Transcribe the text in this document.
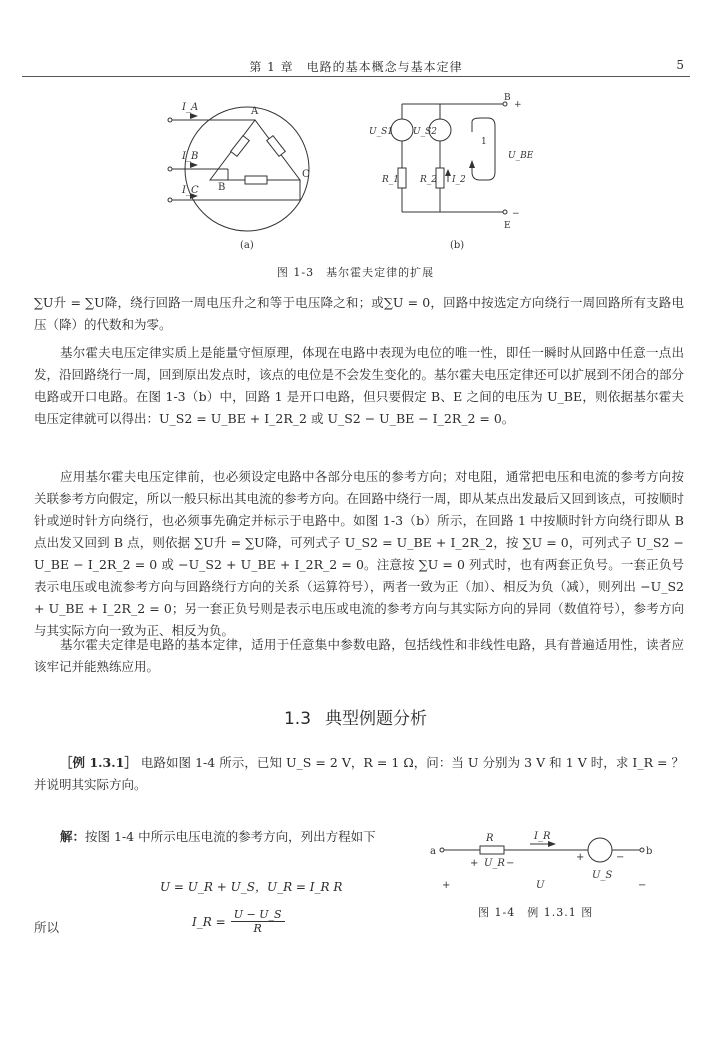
第 1 章　电路的基本概念与基本定律	5
I_A
I_B
I_C
A
B
C
(a)
B
+
−
E
U_S1 U_S2
R_1 R_2 I_2
1
U_BE
(b)
图 1-3　基尔霍夫定律的扩展
∑U升 = ∑U降，绕行回路一周电压升之和等于电压降之和；或∑U = 0，回路中按选定方向绕行一周回路所有支路电压（降）的代数和为零。
基尔霍夫电压定律实质上是能量守恒原理，体现在电路中表现为电位的唯一性，即任一瞬时从回路中任意一点出发，沿回路绕行一周，回到原出发点时，该点的电位是不会发生变化的。基尔霍夫电压定律还可以扩展到不闭合的部分电路或开口电路。在图 1-3（b）中，回路 1 是开口电路，但只要假定 B、E 之间的电压为 U_BE，则依据基尔霍夫电压定律就可以得出：U_S2 = U_BE + I_2R_2 或 U_S2 − U_BE − I_2R_2 = 0。
应用基尔霍夫电压定律前，也必须设定电路中各部分电压的参考方向；对电阻，通常把电压和电流的参考方向按关联参考方向假定，所以一般只标出其电流的参考方向。在回路中绕行一周，即从某点出发最后又回到该点，可按顺时针或逆时针方向绕行，也必须事先确定并标示于电路中。如图 1-3（b）所示，在回路 1 中按顺时针方向绕行即从 B 点出发又回到 B 点，则依据 ∑U升 = ∑U降，可列式子 U_S2 = U_BE + I_2R_2，按 ∑U = 0，可列式子 U_S2 − U_BE − I_2R_2 = 0 或 −U_S2 + U_BE + I_2R_2 = 0。注意按 ∑U = 0 列式时，也有两套正负号。一套正负号表示电压或电流参考方向与回路绕行方向的关系（运算符号），两者一致为正（加）、相反为负（减），则列出 −U_S2 + U_BE + I_2R_2 = 0；另一套正负号则是表示电压或电流的参考方向与其实际方向的异同（数值符号），参考方向与其实际方向一致为正、相反为负。
基尔霍夫定律是电路的基本定律，适用于任意集中参数电路，包括线性和非线性电路，具有普遍适用性，读者应该牢记并能熟练应用。
1.3 典型例题分析
［例 1.3.1］ 电路如图 1-4 所示，已知 U_S = 2 V，R = 1 Ω，问：当 U 分别为 3 V 和 1 V 时，求 I_R = ？并说明其实际方向。
解：按图 1-4 中所示电压电流的参考方向，列出方程如下
U = U_R + U_S，U_R = I_R R
所以	I_R = $\frac{U - U\_S}{R}$
a	b
R	I_R
+ U_R −
+	−
U_S
+	U	−
图 1-4　例 1.3.1 图
